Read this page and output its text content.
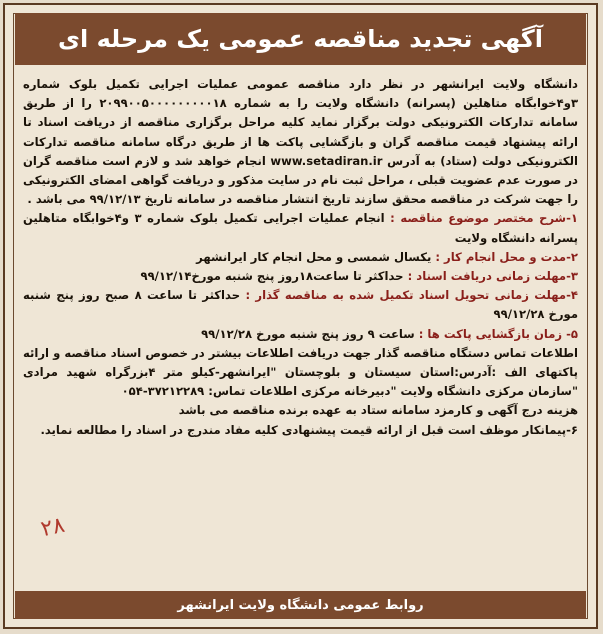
آگهی تجدید مناقصه عمومی یک مرحله ای

دانشگاه ولایت ایرانشهر در نظر دارد مناقصه عمومی عملیات اجرایی تکمیل بلوک شماره ۳و۴خوابگاه متاهلین (پسرانه) دانشگاه ولایت را به شماره ۲۰۹۹۰۰۵۰۰۰۰۰۰۰۰۰۱۸ را از طریق سامانه تداركات الكترونيكى دولت برگزار نمايد كليه مراحل برگزاری مناقصه از دريافت اسناد تا ارائه پیشنهاد قیمت مناقصه گران و بازگشایی پاکت ها از طریق درگاه سامانه مناقصه تداركات الكترونيكى دولت (ستاد) به آدرس www.setadiran.ir انجام خواهد شد و لازم است مناقصه گران در صورت عدم عضویت قبلی ، مراحل ثبت نام در سایت مذکور و دریافت گواهی امضای الکترونیکی را جهت شرکت در مناقصه محقق سازند تاریخ انتشار مناقصه در سامانه تاریخ ۹۹/۱۲/۱۳ می باشد .

۱-شرح مختصر موضوع مناقصه : انجام عملیات اجرایی تکمیل بلوک شماره ۳ و۴خوابگاه متاهلین پسرانه دانشگاه ولایت

۲-مدت و محل انجام کار : یکسال شمسی و محل انجام کار ایرانشهر

۳-مهلت زمانی دریافت اسناد : حداکثر تا ساعت۱۸روز پنج شنبه مورخ۹۹/۱۲/۱۴

۴-مهلت زمانی تحویل اسناد تکمیل شده به مناقصه گذار : حداکثر تا ساعت ۸ صبح روز پنج شنبه مورخ ۹۹/۱۲/۲۸

۵- زمان بازگشایی پاکت ها : ساعت ۹ روز پنج شنبه مورخ ۹۹/۱۲/۲۸

اطلاعات تماس دستگاه مناقصه گذار جهت دریافت اطلاعات بیشتر در خصوص اسناد مناقصه و ارائه پاکتهای الف :آدرس:استان سیستان و بلوچستان "ایرانشهر-کیلو متر ۴بزرگراه شهید مرادی "سازمان مرکزی دانشگاه ولایت "دبیرخانه مرکزی اطلاعات تماس: ۳۷۲۱۲۲۸۹-۰۵۴

هزینه درج آگهی و کارمزد سامانه ستاد به عهده برنده مناقصه می باشد

۶-پیمانکار موظف است قبل از ارائه قیمت پیشنهادی کلیه مفاد مندرج در اسناد را مطالعه نماید.

۲۸
روابط عمومی دانشگاه ولایت ایرانشهر
